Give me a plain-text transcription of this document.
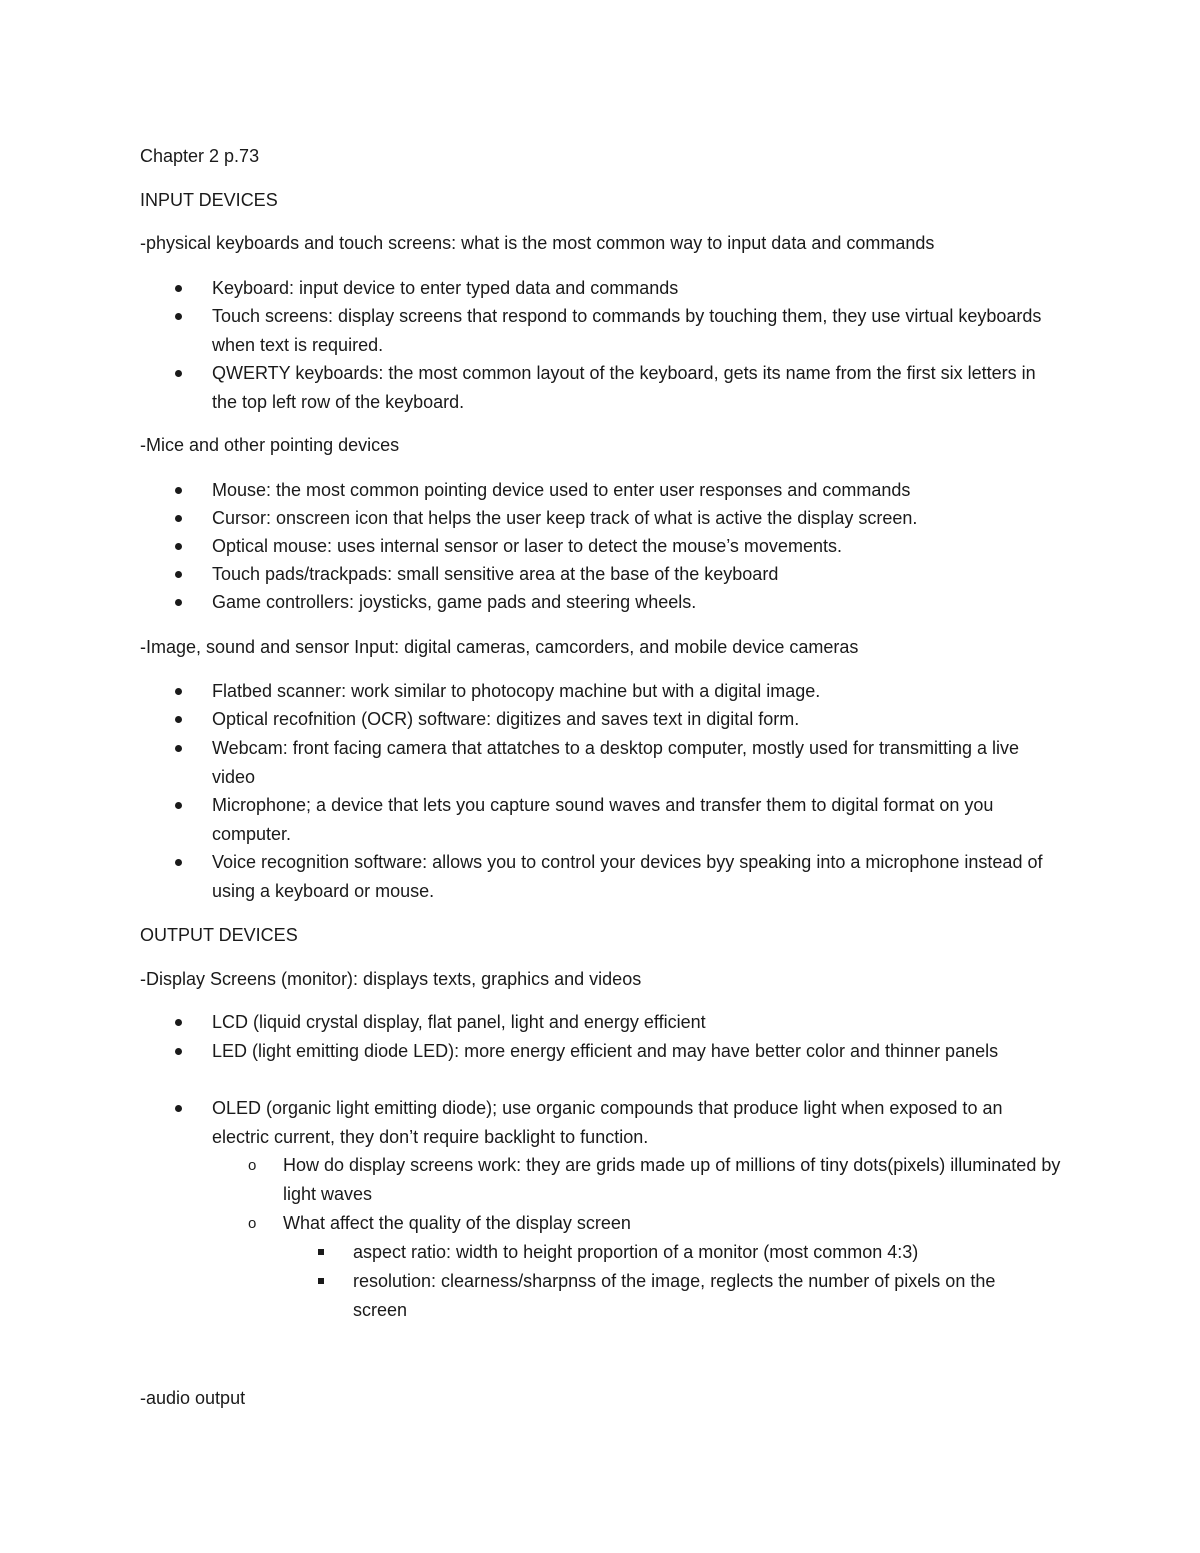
Chapter 2 p.73
INPUT DEVICES
-physical keyboards and touch screens: what is the most common way to input data and commands
Keyboard: input device to enter typed data and commands
Touch screens: display screens that respond to commands by touching them, they use virtual keyboards when text is required.
QWERTY keyboards: the most common layout of the keyboard, gets its name from the first six letters in the top left row of the keyboard.
-Mice and other pointing devices
Mouse: the most common pointing device used to enter user responses and commands
Cursor: onscreen icon that helps the user keep track of what is active the display screen.
Optical mouse: uses internal sensor or laser to detect the mouse’s movements.
Touch pads/trackpads: small sensitive area at the base of the keyboard
Game controllers: joysticks, game pads and steering wheels.
-Image, sound and sensor Input: digital cameras, camcorders, and mobile device cameras
Flatbed scanner: work similar to photocopy machine but with a digital image.
Optical recofnition (OCR) software: digitizes and saves text in digital form.
Webcam: front facing camera that attatches to a desktop computer, mostly used for transmitting a live video
Microphone; a device that lets you capture sound waves and transfer them to digital format on you computer.
Voice recognition software: allows you to control your devices byy speaking into a microphone instead of using a keyboard or mouse.
OUTPUT DEVICES
-Display Screens (monitor): displays texts, graphics and videos
LCD (liquid crystal display, flat panel, light and energy efficient
LED (light emitting diode LED): more energy efficient and may have better color and thinner panels
OLED (organic light emitting diode); use organic compounds that produce light when exposed to an electric current, they don’t require backlight to function.
o How do display screens work: they are grids made up of millions of tiny dots(pixels) illuminated by light waves
o What affect the quality of the display screen
aspect ratio: width to height proportion of a monitor (most common 4:3)
resolution: clearness/sharpnss of the image, reglects the number of pixels on the screen
-audio output
